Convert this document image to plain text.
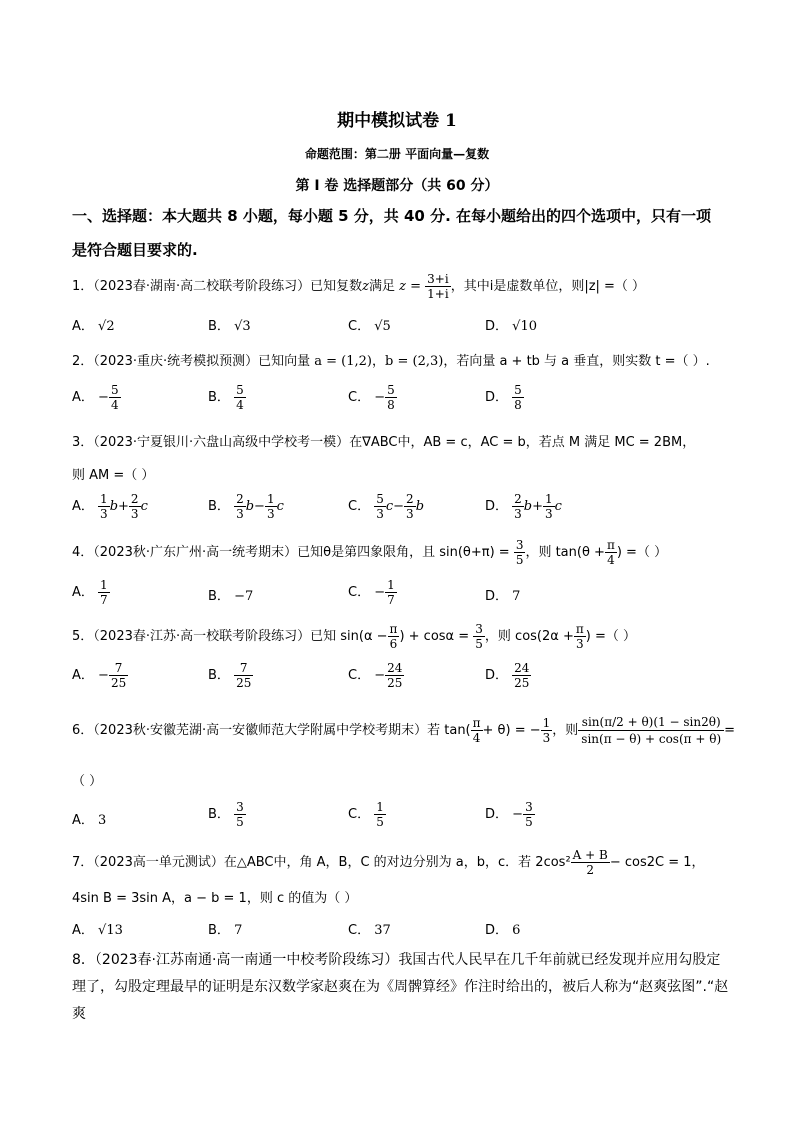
期中模拟试卷 1
命题范围：第二册 平面向量—复数
第 I 卷 选择题部分（共 60 分）
一、选择题：本大题共 8 小题，每小题 5 分，共 40 分. 在每小题给出的四个选项中，只有一项
是符合题目要求的.
1．（2023春·湖南·高二校联考阶段练习）已知复数z满足 $z = \frac{3+i}{1+i}$ ，其中i是虚数单位，则|z| =（ ）
A． √2	B． √3	C． √5	D． √10
2．（2023·重庆·统考模拟预测）已知向量 a = (1,2)，b = (2,3)，若向量 a + tb 与 a 垂直，则实数 t =（ ）.
A． − $\frac{5}{4}$	B． $\frac{5}{4}$	C． − $\frac{5}{8}$	D． $\frac{5}{8}$
3．（2023·宁夏银川·六盘山高级中学校考一模）在∇ABC中，AB = c，AC = b，若点 M 满足 MC = 2BM，
则 AM =（ ）
A． $\frac{1}{3} b+ \frac{2}{3}$ c	B． $\frac{2}{3} b- \frac{1}{3}$ c	C． $\frac{5}{3} c- \frac{2}{3}$ b	D． $\frac{2}{3} b+ \frac{1}{3}$ c
4．（2023秋·广东广州·高一统考期末）已知θ是第四象限角，且 $\sin(\theta+\pi) = \frac{3}{5}$ ，则 $\tan(\theta + \frac{\pi}{4}$ ) =（ ）
A． $\frac{1}{7}$	B． −7	C． − $\frac{1}{7}$	D． 7
5．（2023春·江苏·高一校联考阶段练习）已知 $\sin(\alpha - \frac{\pi}{6}$ ) + $\cos\alpha = \frac{3}{5}$ ，则 $\cos(2\alpha + \frac{\pi}{3}$ ) =（ ）
A． − $\frac{7}{25}$	B． $\frac{7}{25}$	C． − $\frac{24}{25}$	D． $\frac{24}{25}$
6．（2023秋·安徽芜湖·高一安徽师范大学附属中学校考期末）若 $\tan( \frac{\pi}{4} + \theta)$ = − $\frac{1}{3}$ ，则 $\frac{\sin(\pi/2 + \theta)(1 - \sin 2\theta)}{\sin(\pi - \theta) + \cos(\pi + \theta)}$ =
（ ）
A． 3	B． $\frac{3}{5}$	C． $\frac{1}{5}$	D． − $\frac{3}{5}$
7．（2023高一单元测试）在△ABC中，角 A，B，C 的对边分别为 a，b，c．若 $2\cos^2 \frac{A + B}{2} - \cos 2C = 1$，
4sin B = 3sin A，a − b = 1，则 c 的值为（ ）
A． √13	B． 7	C． 37	D． 6
8．（2023春·江苏南通·高一南通一中校考阶段练习）我国古代人民早在几千年前就已经发现并应用勾股定理了，勾股定理最早的证明是东汉数学家赵爽在为《周髀算经》作注时给出的，被后人称为“赵爽弦图”.“赵爽
